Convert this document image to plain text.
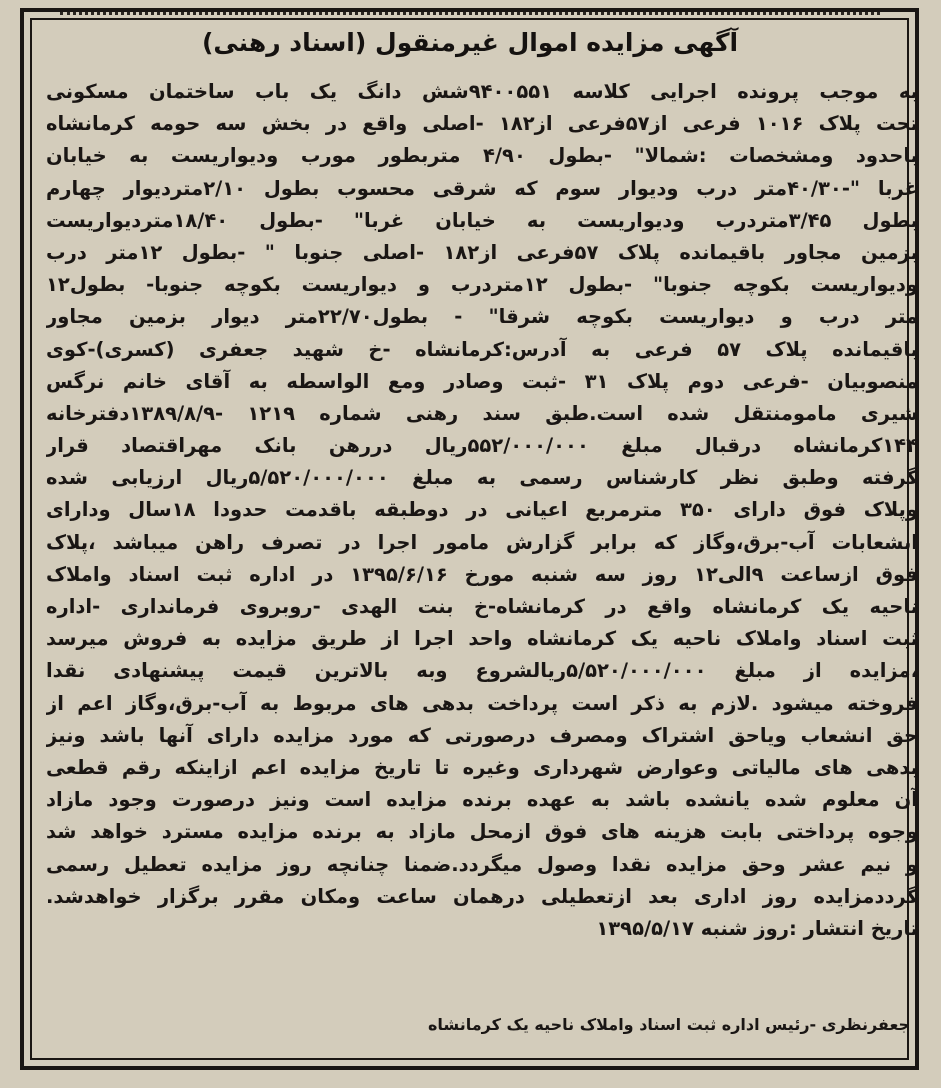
آگهی مزایده اموال غیرمنقول (اسناد رهنی)
به موجب پرونده اجرایی کلاسه ۹۴۰۰۵۵۱شش دانگ یک باب ساختمان مسکونی
تحت پلاک ۱۰۱۶ فرعی از۵۷فرعی از۱۸۲ -اصلی واقع در بخش سه حومه کرمانشاه
باحدود ومشخصات :شمالا" -بطول ۴/۹۰ متربطور مورب ودیواریست به خیابان
غربا "-۴۰/۳۰متر درب ودیوار سوم که شرقی محسوب بطول ۲/۱۰متردیوار چهارم
بطول ۳/۴۵متردرب ودیواریست به خیابان غربا" -بطول ۱۸/۴۰متردیواریست
بزمین مجاور باقیمانده پلاک ۵۷فرعی از۱۸۲ -اصلی جنوبا " -بطول ۱۲متر درب
ودیواریست بکوچه جنوبا" -بطول ۱۲متردرب و دیواریست بکوچه جنوبا- بطول۱۲
متر درب و دیواریست بکوچه شرقا" - بطول۲۲/۷۰متر دیوار بزمین مجاور
باقیمانده پلاک ۵۷ فرعی به آدرس:کرمانشاه -خ شهید جعفری (کسری)-کوی
منصوبیان -فرعی دوم پلاک ۳۱ -ثبت وصادر ومع الواسطه به آقای خانم نرگس
شیری مامومنتقل شده است.طبق سند رهنی شماره ۱۲۱۹ -۱۳۸۹/۸/۹دفترخانه
۱۴۴کرمانشاه درقبال مبلغ ۵۵۲/۰۰۰/۰۰۰ریال دررهن بانک مهراقتصاد قرار
گرفته وطبق نظر کارشناس رسمی به مبلغ ۵/۵۲۰/۰۰۰/۰۰۰ریال ارزیابی شده
وپلاک فوق دارای ۳۵۰ مترمربع اعیانی در دوطبقه باقدمت حدودا ۱۸سال ودارای
انشعابات آب-برق،وگاز که برابر گزارش مامور اجرا در تصرف راهن میباشد ،پلاک
فوق ازساعت ۹الی۱۲ روز سه شنبه مورخ ۱۳۹۵/۶/۱۶ در اداره ثبت اسناد واملاک
ناحیه یک کرمانشاه واقع در کرمانشاه-خ بنت الهدی -روبروی فرمانداری -اداره
ثبت اسناد واملاک ناحیه یک کرمانشاه واحد اجرا از طریق مزایده به فروش میرسد
،مزایده از مبلغ ۵/۵۲۰/۰۰۰/۰۰۰ریالشروع وبه بالاترین قیمت پیشنهادی نقدا
فروخته میشود .لازم به ذکر است پرداخت بدهی های مربوط به آب-برق،وگاز اعم از
حق انشعاب ویاحق اشتراک ومصرف درصورتی که مورد مزایده دارای آنها باشد ونیز
بدهی های مالیاتی وعوارض شهرداری وغیره تا تاریخ مزایده اعم ازاینکه رقم قطعی
آن معلوم شده یانشده باشد به عهده برنده مزایده است ونیز درصورت وجود مازاد
وجوه پرداختی بابت هزینه های فوق ازمحل مازاد به برنده مزایده مسترد خواهد شد
و نیم عشر وحق مزایده نقدا وصول میگردد.ضمنا چنانچه روز مزایده تعطیل رسمی
گرددمزایده روز اداری بعد ازتعطیلی درهمان ساعت ومکان مقرر برگزار خواهدشد.
تاریخ انتشار :روز شنبه ۱۳۹۵/۵/۱۷
جعفرنظری -رئیس اداره ثبت اسناد واملاک ناحیه یک کرمانشاه
